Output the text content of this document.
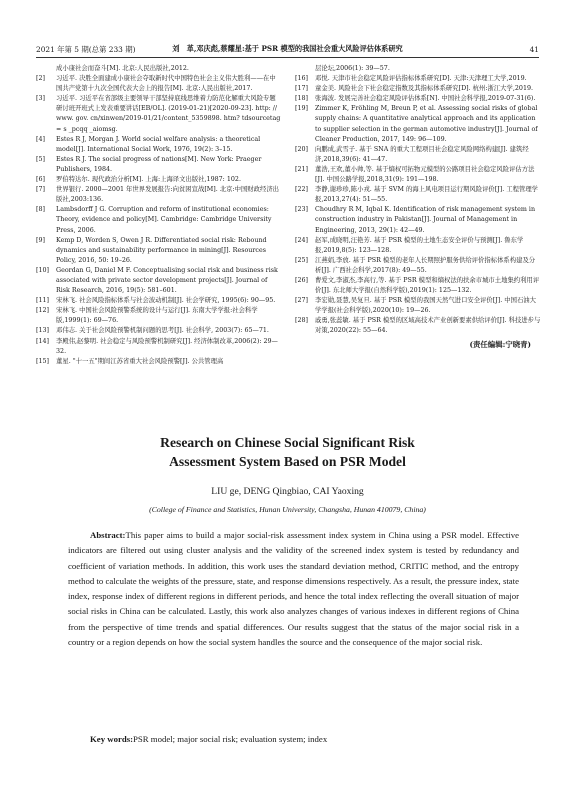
2021 年第 5 期(总第 233 期)	刘　革,邓庆彪,蔡耀星:基于 PSR 模型的我国社会重大风险评估体系研究	41
成小康社会而奋斗[M]. 北京:人民出版社,2012.
[2] 习近平. 决胜全面建成小康社会夺取新时代中国特色社会主义伟大胜利——在中国共产党第十九次全国代表大会上的报告[M]. 北京:人民出版社,2017.
[3] 习近平. 习近平在省部级主要领导干部坚持底线思维着力防范化解重大风险专题研讨班开班式上发表重要讲话[EB/OL]. (2019-01-21)[2020-09-23]. http: // www. gov. cn/xinwen/2019-01/21/content_5359898. htm? tdsourcetag = s _pcqq _aiomsg.
[4] Estes R J, Morgan J. World social welfare analysis: a theoretical model[J]. International Social Work, 1976, 19(2): 3–15.
[5] Estes R J. The social progress of nations[M]. New York: Praeger Publishers, 1984.
[6] 罗伯特达尔. 现代政治分析[M]. 上海:上海译文出版社,1987: 102.
[7] 世界银行. 2000—2001 年世界发展报告:向贫困宣战[M]. 北京:中国财政经济出版社,2003:136.
[8] Lambsdorff J G. Corruption and reform of institutional economies: Theory, evidence and policy[M]. Cambridge: Cambridge University Press, 2006.
[9] Kemp D, Worden S, Owen J R. Differentiated social risk: Rebound dynamics and sustainability performance in mining[J]. Resources Policy, 2016, 50: 19–26.
[10] Geordan G, Daniel M F. Conceptualising social risk and business risk associated with private sector development projects[J]. Journal of Risk Research, 2016, 19(5): 581–601.
[11] 宋林飞. 社会风险指标体系与社会波动机制[J]. 社会学研究, 1995(6): 90—95.
[12] 宋林飞. 中国社会风险预警系统的设计与运行[J]. 东南大学学报:社会科学版,1999(1): 69—76.
[13] 邓伟志. 关于社会风险预警机制问题的思考[J]. 社会科学, 2003(7): 65—71.
[14] 李殿伟,赵黎明. 社会稳定与风险预警机制研究[J]. 经济体制改革,2006(2): 29—32.
[15] 董星. "十一五"期间江苏省重大社会风险预警[J]. 公共管理高
层论坛,2006(1): 39—57.
[16] 邓悦. 天津市社会稳定风险评估指标体系研究[D]. 天津:天津理工大学,2019.
[17] 童金美. 风险社会下社会稳定指数及其指标体系研究[D]. 杭州:浙江大学,2019.
[18] 张海波. 发展完善社会稳定风险评估体系[N]. 中国社会科学报,2019-07-31(6).
[19] Zimmer K, Fröhling M, Breun P, et al. Assessing social risks of global supply chains: A quantitative analytical approach and its application to supplier selection in the german automotive industry[J]. Journal of Cleaner Production, 2017, 149: 96—109.
[20] 向鹏成,武雪子. 基于 SNA 的重大工程项目社会稳定风险网络构建[J]. 建筑经济,2018,39(6): 41—47.
[21] 董浩,王欢,董小帅,等. 基于熵权可拓物元模型的公路项目社会稳定风险评估方法[J]. 中国公路学报,2018,31(9): 191—198.
[22] 李静,谢珍珍,陈小戎. 基于 SVM 的海上风电项目运行期风险评价[J]. 工程管理学报,2013,27(4): 51—55.
[23] Choudhry R M, Iqbal K. Identification of risk management system in construction industry in Pakistan[J]. Journal of Management in Engineering, 2013, 29(1): 42—49.
[24] 赵军,成晓明,汪艳芳. 基于 PSR 模型的土地生态安全评价与预测[J]. 鲁东学报,2019,8(5): 123—128.
[25] 江燕娟,李放. 基于 PSR 模型的老年人长期照护服务供给评价指标体系构建及分析[J]. 广西社会科学,2017(8): 49—55.
[26] 曹爱文,李淑杰,李高行,等. 基于 PSR 模型和熵权法的扶余市城市土地集约利用评价[J]. 东北师大学报(自然科学版),2019(1): 125—132.
[27] 李宏勋,聂慧,吴复旦. 基于 PSR 模型的我国天然气进口安全评价[J]. 中国石油大学学报(社会科学版),2020(10): 19—26.
[28] 戚勇,张蕊敏. 基于 PSR 模型的区域高技术产业创新要素供给评价[J]. 科技进步与对策,2020(22): 55—64.
(责任编辑:宁晓青)
Research on Chinese Social Significant Risk
Assessment System Based on PSR Model
LIU ge, DENG Qingbiao, CAI Yaoxing
(College of Finance and Statistics, Hunan University, Changsha, Hunan 410079, China)
Abstract:This paper aims to build a major social-risk assessment index system in China using a PSR model. Effective indicators are filtered out using cluster analysis and the validity of the screened index system is tested by redundancy and coefficient of variation methods. In addition, this work uses the standard deviation method, CRITIC method, and the entropy method to calculate the weights of the pressure, state, and response dimensions respectively. As a result, the pressure index, state index, response index of different regions in different periods, and hence the total index reflecting the overall situation of major social risks in China can be calculated. Lastly, this work also analyzes changes of various indexes in different regions of China from the perspective of time trends and spatial differences. Our results suggest that the status of the major social risk in a country or a region depends on how the social system handles the source and the consequence of the major social risk.
Key words:PSR model; major social risk; evaluation system; index
